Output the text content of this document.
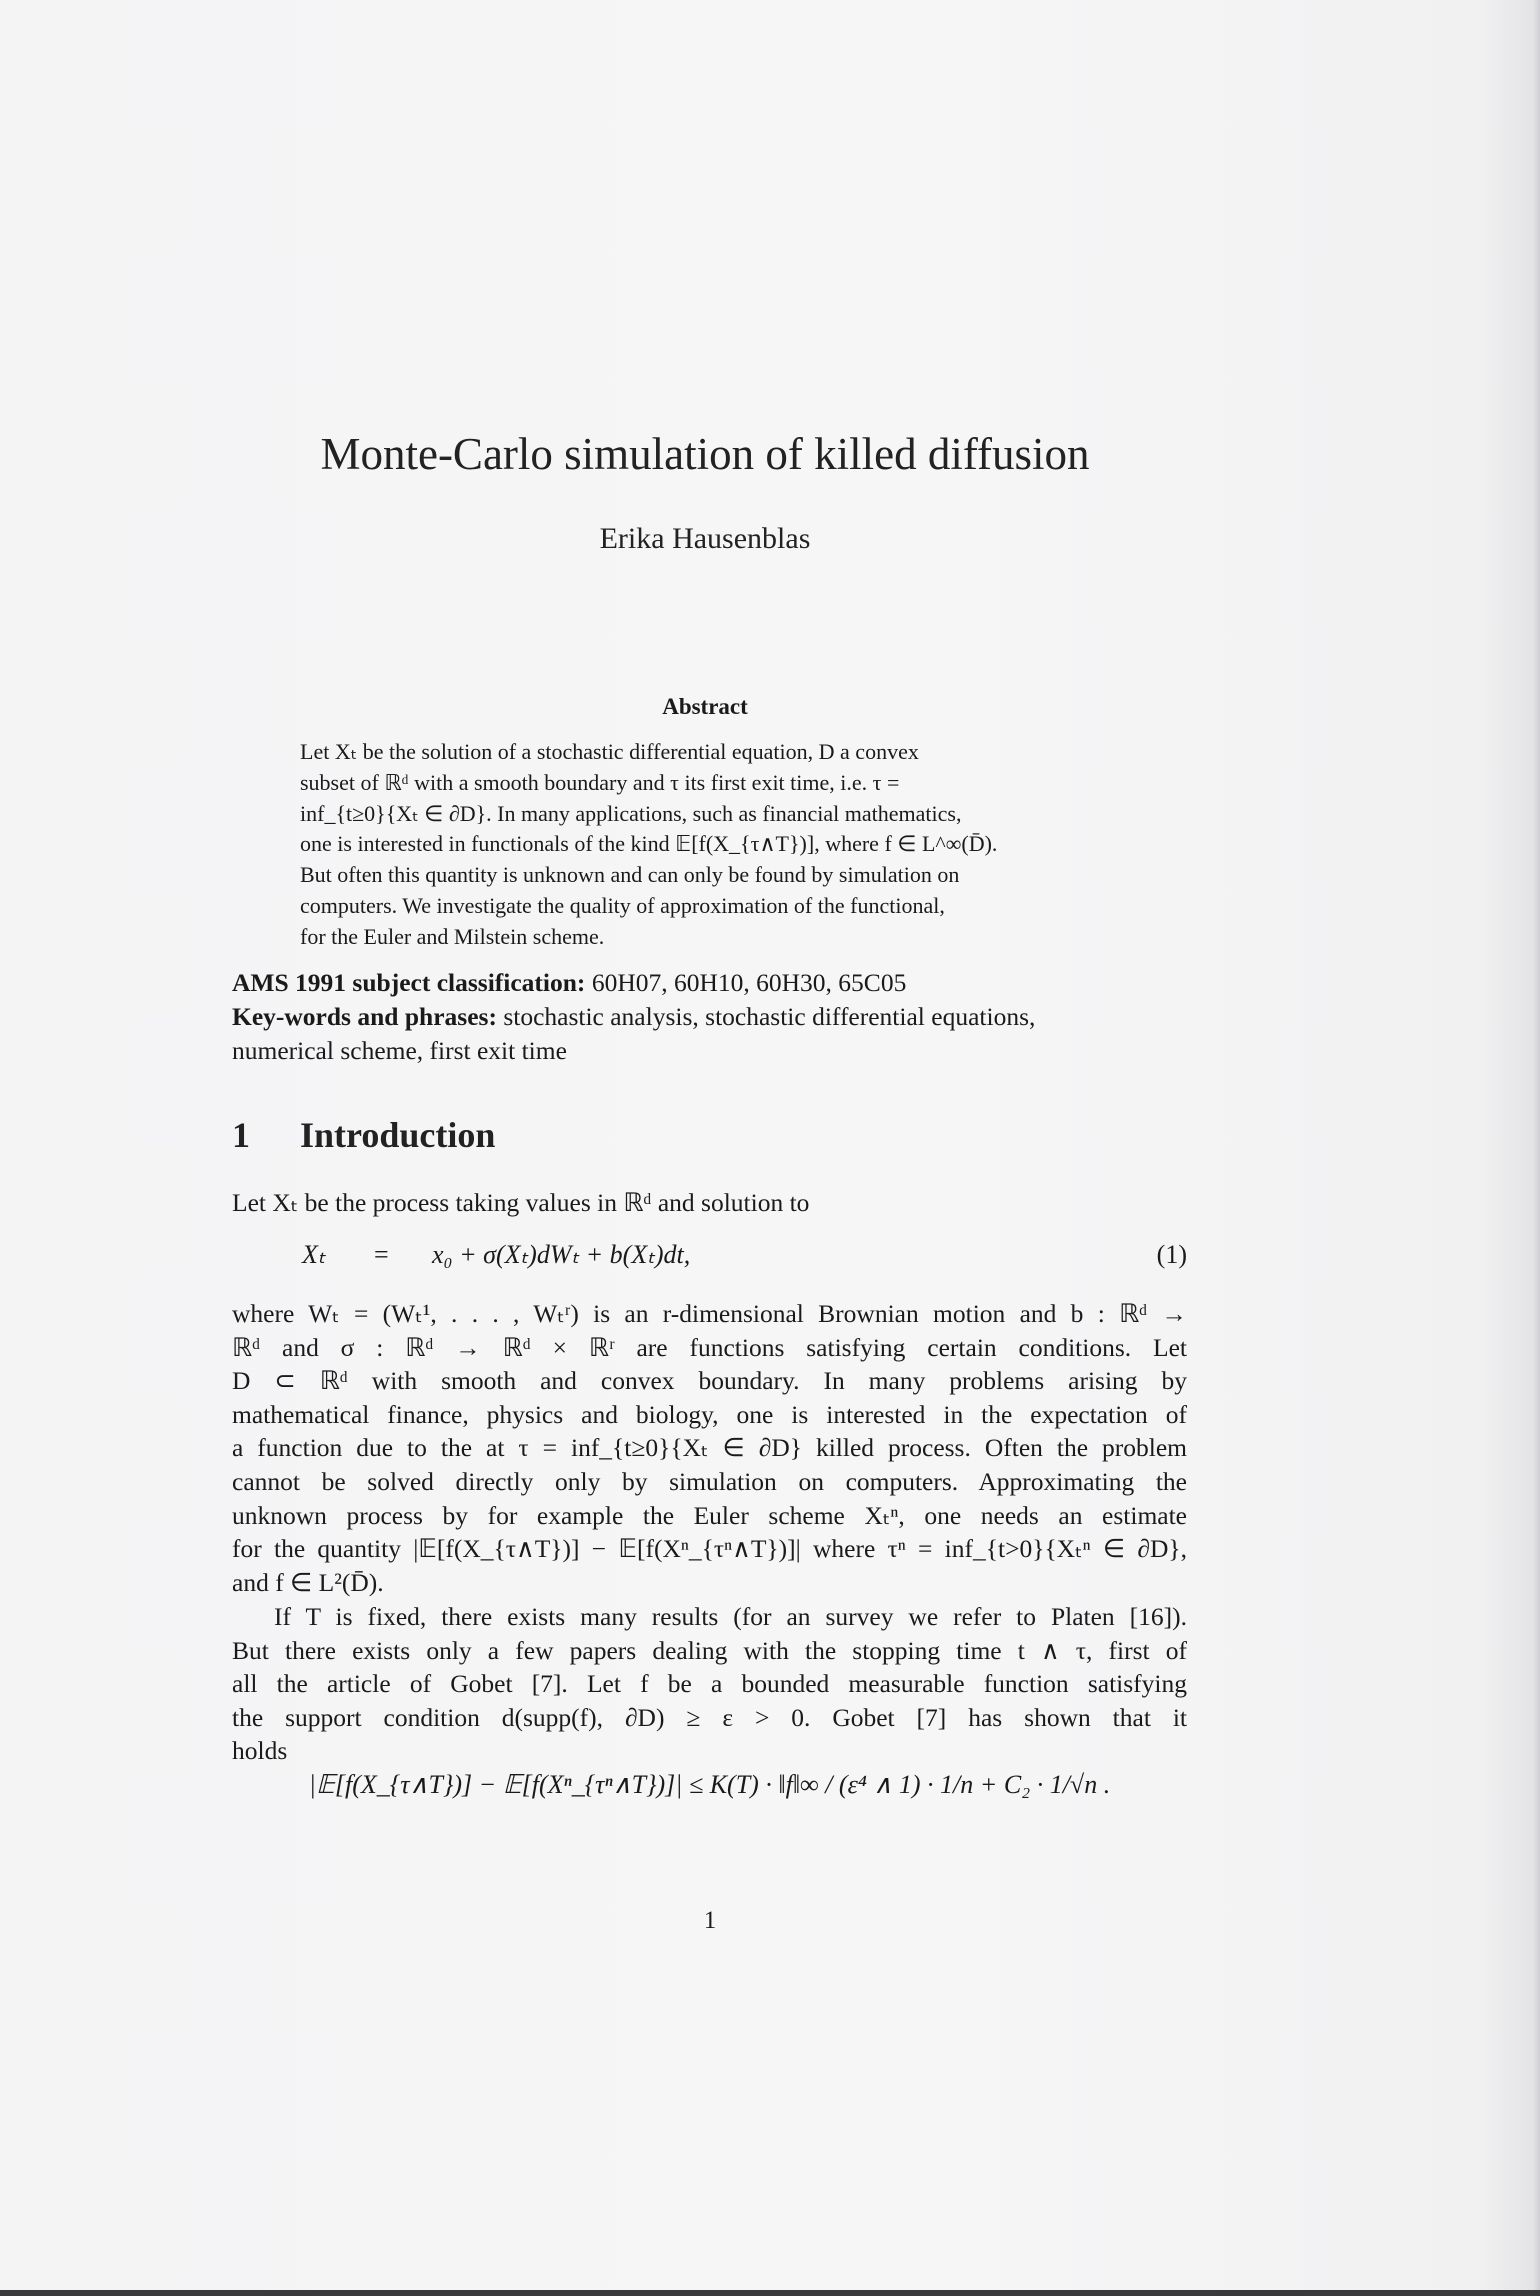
Monte-Carlo simulation of killed diffusion
Erika Hausenblas
Abstract
Let Xₜ be the solution of a stochastic differential equation, D a convex
subset of ℝᵈ with a smooth boundary and τ its first exit time, i.e. τ =
inf_{t≥0}{Xₜ ∈ ∂D}. In many applications, such as financial mathematics,
one is interested in functionals of the kind 𝔼[f(X_{τ∧T})], where f ∈ L^∞(D̄).
But often this quantity is unknown and can only be found by simulation on
computers. We investigate the quality of approximation of the functional,
for the Euler and Milstein scheme.
AMS 1991 subject classification: 60H07, 60H10, 60H30, 65C05
Key-words and phrases: stochastic analysis, stochastic differential equations,
numerical scheme, first exit time
1 Introduction
Let Xₜ be the process taking values in ℝᵈ and solution to
Xₜ = x₀ + σ(Xₜ)dWₜ + b(Xₜ)dt,	(1)
where Wₜ = (Wₜ¹, . . . , Wₜʳ) is an r-dimensional Brownian motion and b : ℝᵈ →
ℝᵈ and σ : ℝᵈ → ℝᵈ × ℝʳ are functions satisfying certain conditions. Let
D ⊂ ℝᵈ with smooth and convex boundary. In many problems arising by
mathematical finance, physics and biology, one is interested in the expectation of
a function due to the at τ = inf_{t≥0}{Xₜ ∈ ∂D} killed process. Often the problem
cannot be solved directly only by simulation on computers. Approximating the
unknown process by for example the Euler scheme Xₜⁿ, one needs an estimate
for the quantity |𝔼[f(X_{τ∧T})] − 𝔼[f(Xⁿ_{τⁿ∧T})]| where τⁿ = inf_{t>0}{Xₜⁿ ∈ ∂D},
and f ∈ L²(D̄).
If T is fixed, there exists many results (for an survey we refer to Platen [16]).
But there exists only a few papers dealing with the stopping time t ∧ τ, first of
all the article of Gobet [7]. Let f be a bounded measurable function satisfying
the support condition d(supp(f), ∂D) ≥ ε > 0. Gobet [7] has shown that it
holds
|𝔼[f(X_{τ∧T})] − 𝔼[f(Xⁿ_{τⁿ∧T})]| ≤ K(T) · ‖f‖∞ / (ε⁴ ∧ 1) · 1/n + C₂ · 1/√n .
1
